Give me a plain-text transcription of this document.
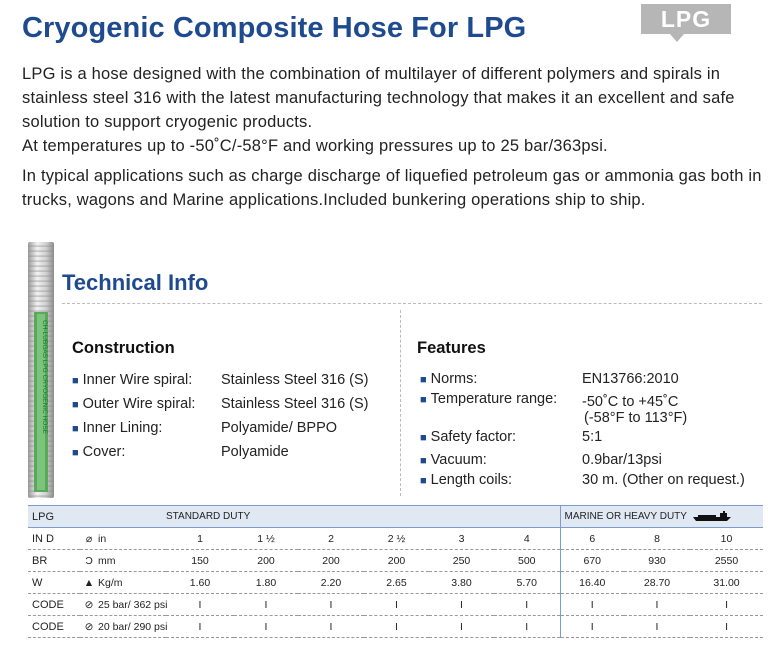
Cryogenic Composite Hose For LPG	LPG

LPG is a hose designed with the combination of multilayer of different polymers and spirals in stainless steel 316 with the latest manufacturing technology that makes it an excellent and safe solution to support cryogenic products.

At temperatures up to -50˚C/-58°F and working pressures up to 25 bar/363psi.

In typical applications such as charge discharge of liquefied petroleum gas or ammonia gas both in trucks, wagons and Marine applications.Included bunkering operations ship to ship.

CH-LUBGAS LPG CRYOGENIC HOSE
Technical Info
Construction
■ Inner Wire spiral: Stainless Steel 316 (S)
■ Outer Wire spiral: Stainless Steel 316 (S)
■ Inner Lining:	Polyamide/ BPPO
■ Cover:	Polyamide
Features
■ Norms:	EN13766:2010
■ Temperature range: -50˚C to +45˚C
(-58°F to 113°F)
■ Safety factor:	5:1
■ Vacuum:	0.9bar/13psi
■ Length coils:	30 m. (Other on request.)
LPG		STANDARD DUTY						MARINE OR HEAVY DUTY		
IN D	⌀ in	1	1 ½	2	2 ½	3	4	6	8	10
BR	Ɔ mm	150	200	200	200	250	500	670	930	2550
W	▲ Kg/m	1.60	1.80	2.20	2.65	3.80	5.70	16.40	28.70	31.00
CODE	⊘ 25 bar/ 362 psi	I	I	I	I	I	I	I	I	I
CODE	⊘ 20 bar/ 290 psi	I	I	I	I	I	I	I	I	I
